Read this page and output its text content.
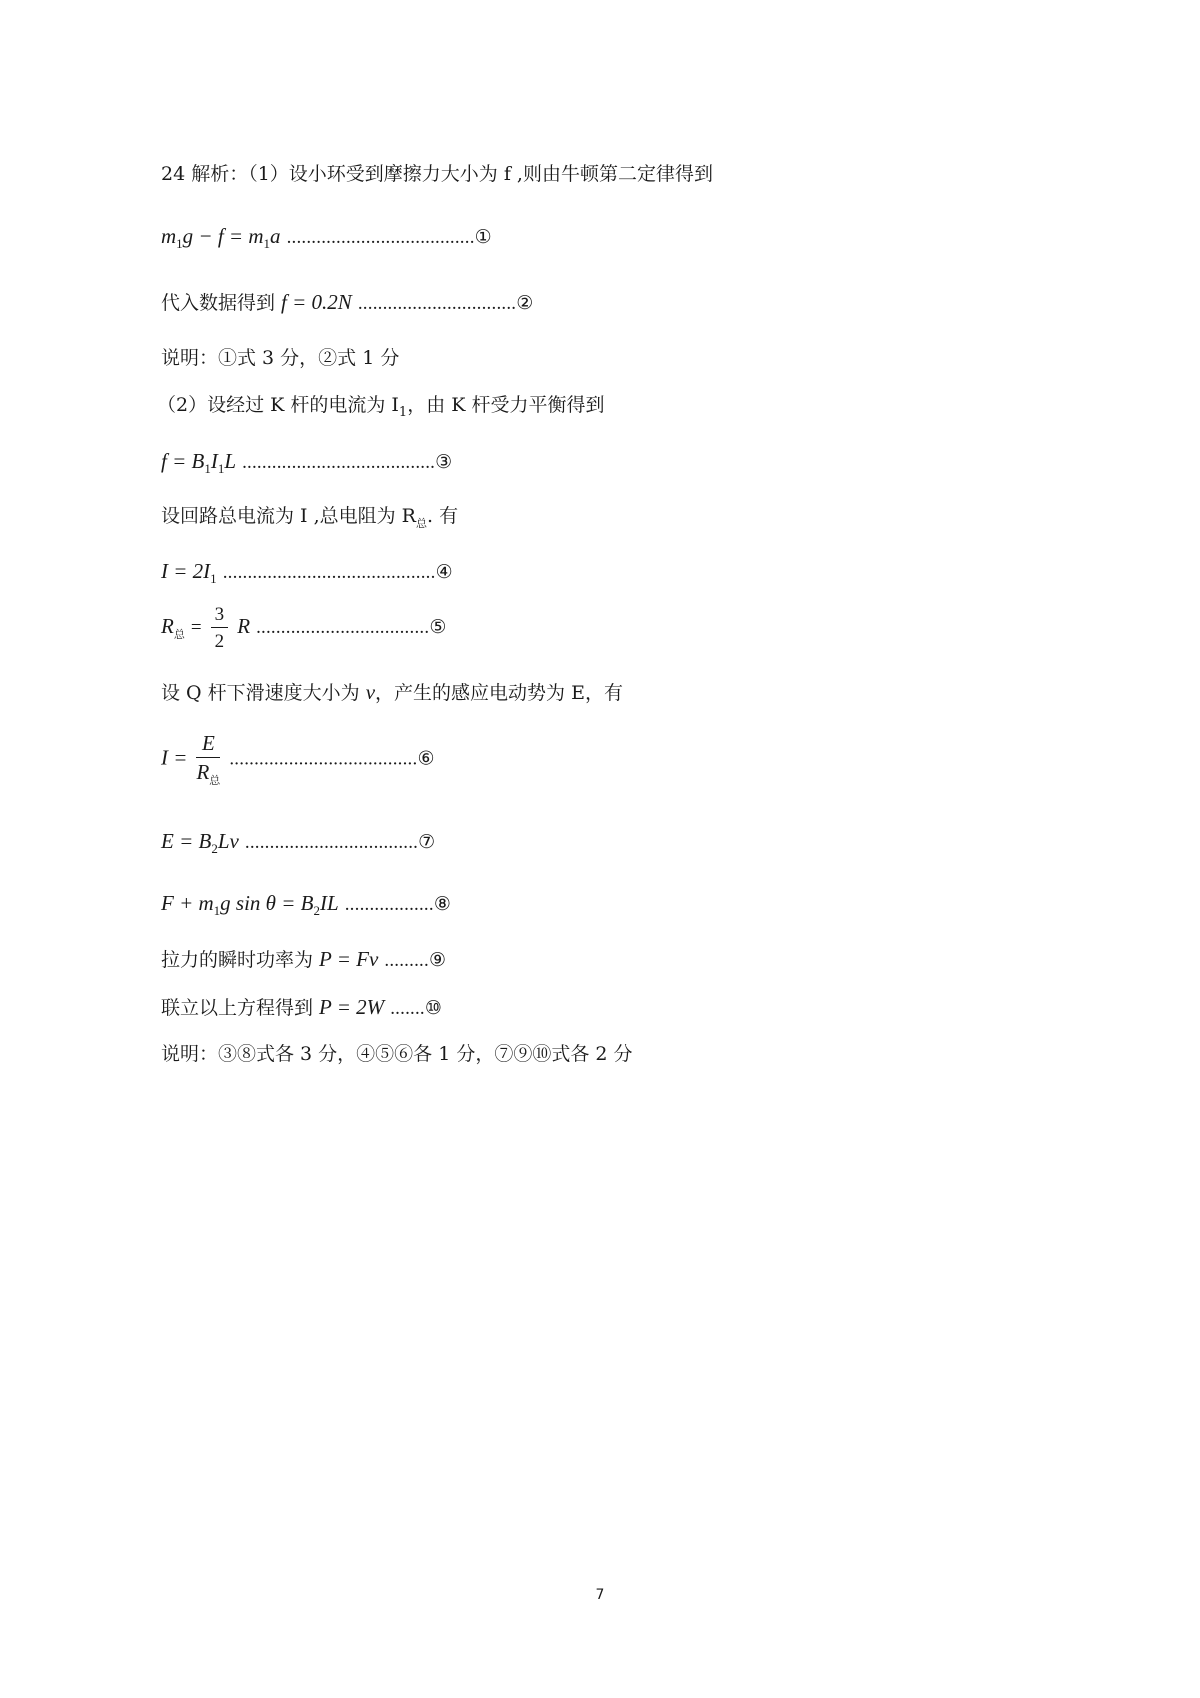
24 解析：（1）设小环受到摩擦力大小为 f ,则由牛顿第二定律得到
$m_1g - f = m_1a$ ......................................①
代入数据得到 f = 0.2N ................................②
说明：①式 3 分，②式 1 分
（2）设经过 K 杆的电流为 $I_1$，由 K 杆受力平衡得到
$f = B_1I_1L$ .......................................③
设回路总电流为 I ,总电阻为 $R_总$. 有
$I = 2I_1$ ...........................................④
$R_总 = \frac{3}{2}$ R ...................................⑤
设 Q 杆下滑速度大小为 v，产生的感应电动势为 E，有
$I = \frac{E}{R_总}$ ......................................⑥
$E = B_2Lv$ ...................................⑦
$F + m_1g$ $\sin \theta = B_2IL$ ..................⑧
拉力的瞬时功率为 P = Fv .........⑨
联立以上方程得到 P = 2W .......⑩
说明：③⑧式各 3 分，④⑤⑥各 1 分，⑦⑨⑩式各 2 分
7
